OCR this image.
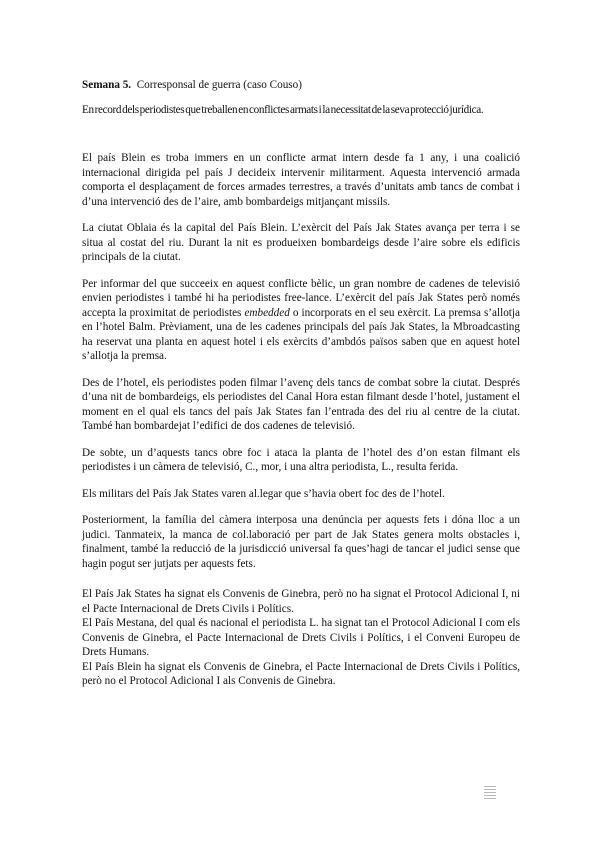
Semana 5. Corresponsal de guerra (caso Couso)

En record dels periodistes que treballen en conflictes armats i la necessitat de la seva protecció jurídica.

El país Blein es troba immers en un conflicte armat intern desde fa 1 any, i una coalició internacional dirigida pel país J decideix intervenir militarment. Aquesta intervenció armada comporta el desplaçament de forces armades terrestres, a través d’unitats amb tancs de combat i d’una intervenció des de l’aire, amb bombardeigs mitjançant missils.

La ciutat Oblaia és la capital del País Blein. L’exèrcit del País Jak States avança per terra i se situa al costat del riu. Durant la nit es produeixen bombardeigs desde l’aire sobre els edificis principals de la ciutat.

Per informar del que succeeix en aquest conflicte bèlic, un gran nombre de cadenes de televisió envien periodistes i també hi ha periodistes free-lance. L’exèrcit del país Jak States però només accepta la proximitat de periodistes embedded o incorporats en el seu exèrcit. La premsa s’allotja en l’hotel Balm. Prèviament, una de les cadenes principals del país Jak States, la Mbroadcasting ha reservat una planta en aquest hotel i els exèrcits d’ambdós països saben que en aquest hotel s’allotja la premsa.

Des de l’hotel, els periodistes poden filmar l’avenç dels tancs de combat sobre la ciutat. Després d’una nit de bombardeigs, els periodistes del Canal Hora estan filmant desde l’hotel, justament el moment en el qual els tancs del país Jak States fan l’entrada des del riu al centre de la ciutat. També han bombardejat l’edifici de dos cadenes de televisió.

De sobte, un d’aquests tancs obre foc i ataca la planta de l’hotel des d’on estan filmant els periodistes i un càmera de televisió, C., mor, i una altra periodista, L., resulta ferida.

Els militars del País Jak States varen al.legar que s’havia obert foc des de l’hotel.

Posteriorment, la família del càmera interposa una denúncia per aquests fets i dóna lloc a un judici. Tanmateix, la manca de col.laboració per part de Jak States genera molts obstacles i, finalment, també la reducció de la jurisdicció universal fa ques’hagi de tancar el judici sense que hagin pogut ser jutjats per aquests fets.

El País Jak States ha signat els Convenis de Ginebra, però no ha signat el Protocol Adicional I, ni el Pacte Internacional de Drets Civils i Polítics.

El País Mestana, del qual és nacional el periodista L. ha signat tan el Protocol Adicional I com els Convenis de Ginebra, el Pacte Internacional de Drets Civils i Polítics, i el Conveni Europeu de Drets Humans.

El País Blein ha signat els Convenis de Ginebra, el Pacte Internacional de Drets Civils i Polítics, però no el Protocol Adicional I als Convenis de Ginebra.
